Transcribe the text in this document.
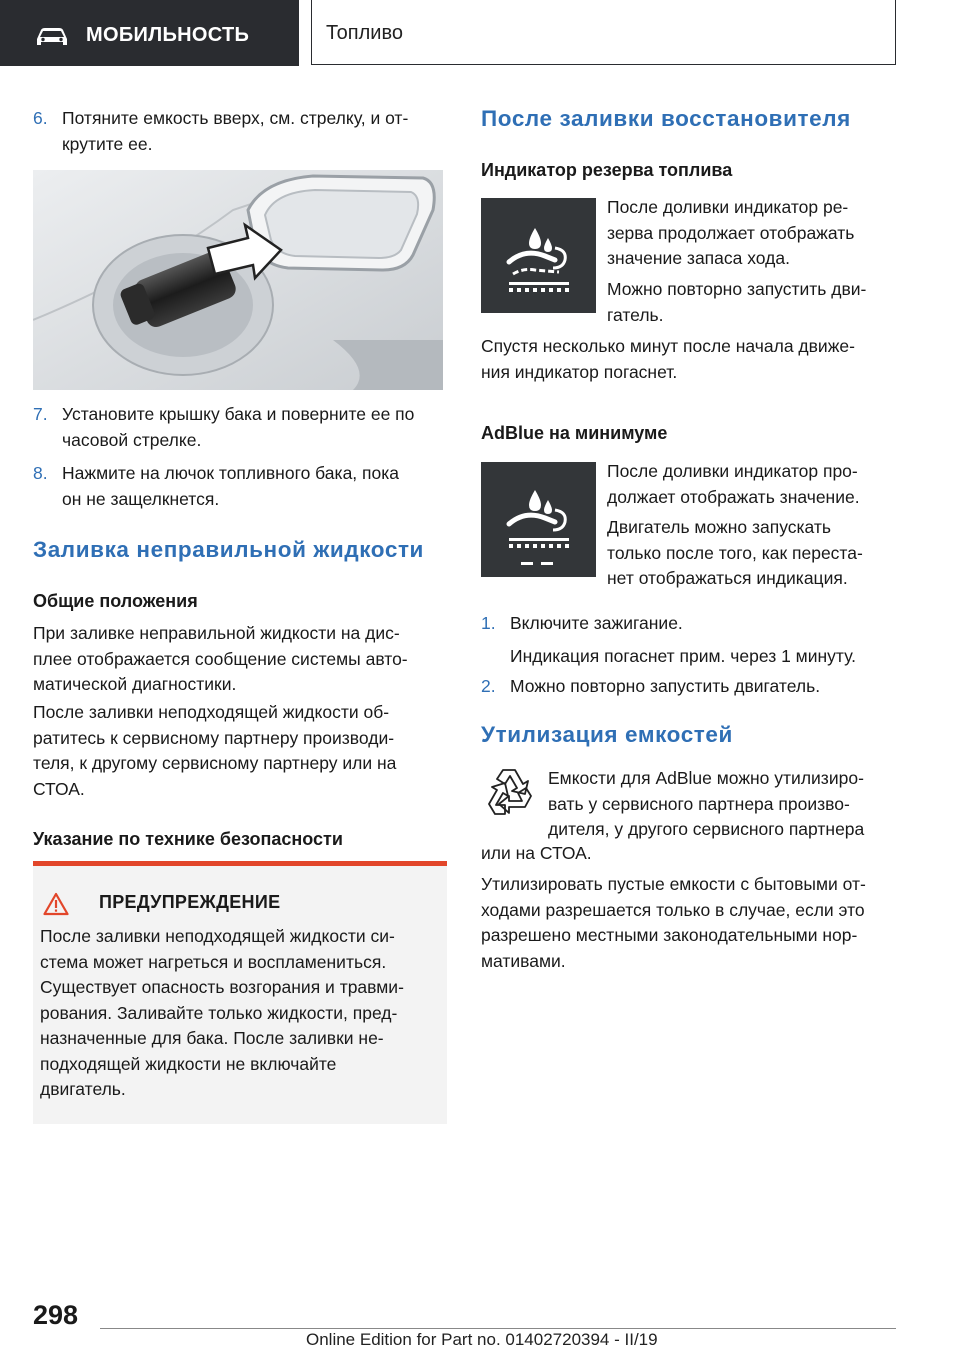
МОБИЛЬНОСТЬ	Топливо
6. Потяните емкость вверх, см. стрелку, и от-
крутите ее.
7. Установите крышку бака и поверните ее по
часовой стрелке.
8. Нажмите на лючок топливного бака, пока
он не защелкнется.
Заливка неправильной жидкости
Общие положения
При заливке неправильной жидкости на дис-
плее отображается сообщение системы авто-
матической диагностики.
После заливки неподходящей жидкости об-
ратитесь к сервисному партнеру производи-
теля, к другому сервисному партнеру или на
СТОА.
Указание по технике безопасности
ПРЕДУПРЕЖДЕНИЕ
После заливки неподходящей жидкости си-
стема может нагреться и воспламениться.
Существует опасность возгорания и травми-
рования. Заливайте только жидкости, пред-
назначенные для бака. После заливки не-
подходящей жидкости не включайте
двигатель.
После заливки восстановителя
Индикатор резерва топлива
После доливки индикатор ре-
зерва продолжает отображать
значение запаса хода.
Можно повторно запустить дви-
гатель.
Спустя несколько минут после начала движе-
ния индикатор погаснет.
AdBlue на минимуме
После доливки индикатор про-
должает отображать значение.
Двигатель можно запускать
только после того, как переста-
нет отображаться индикация.
1. Включите зажигание.
Индикация погаснет прим. через 1 минуту.
2. Можно повторно запустить двигатель.
Утилизация емкостей
Емкости для AdBlue можно утилизиро-
вать у сервисного партнера произво-
дителя, у другого сервисного партнера
или на СТОА.
Утилизировать пустые емкости с бытовыми от-
ходами разрешается только в случае, если это
разрешено местными законодательными нор-
мативами.
298
Online Edition for Part no. 01402720394 - II/19
